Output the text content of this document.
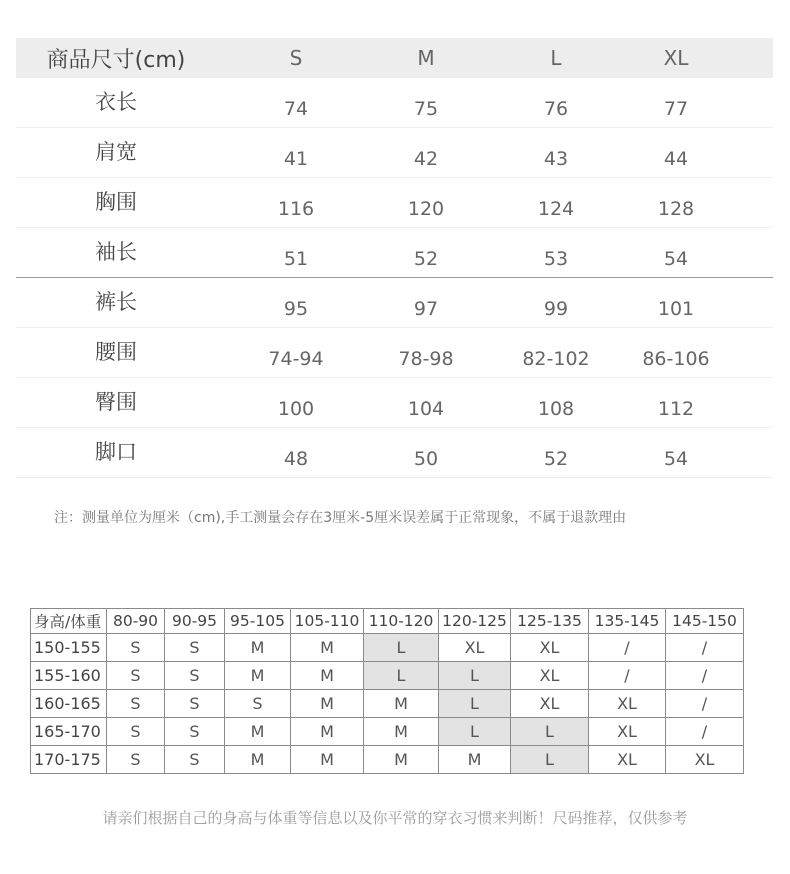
商品尺寸(cm)	S	M	L	XL
衣长	74	75	76	77
肩宽	41	42	43	44
胸围	116	120	124	128
袖长	51	52	53	54
裤长	95	97	99	101
腰围	74-94	78-98	82-102	86-106
臀围	100	104	108	112
脚口	48	50	52	54
注：测量单位为厘米（cm),手工测量会存在3厘米-5厘米误差属于正常现象，不属于退款理由
身高/体重	80-90	90-95	95-105	105-110	110-120	120-125	125-135	135-145	145-150
150-155	S	S	M	M	L	XL	XL	/	/
155-160	S	S	M	M	L	L	XL	/	/
160-165	S	S	S	M	M	L	XL	XL	/
165-170	S	S	M	M	M	L	L	XL	/
170-175	S	S	M	M	M	M	L	XL	XL
请亲们根据自己的身高与体重等信息以及你平常的穿衣习惯来判断！尺码推荐，仅供参考
